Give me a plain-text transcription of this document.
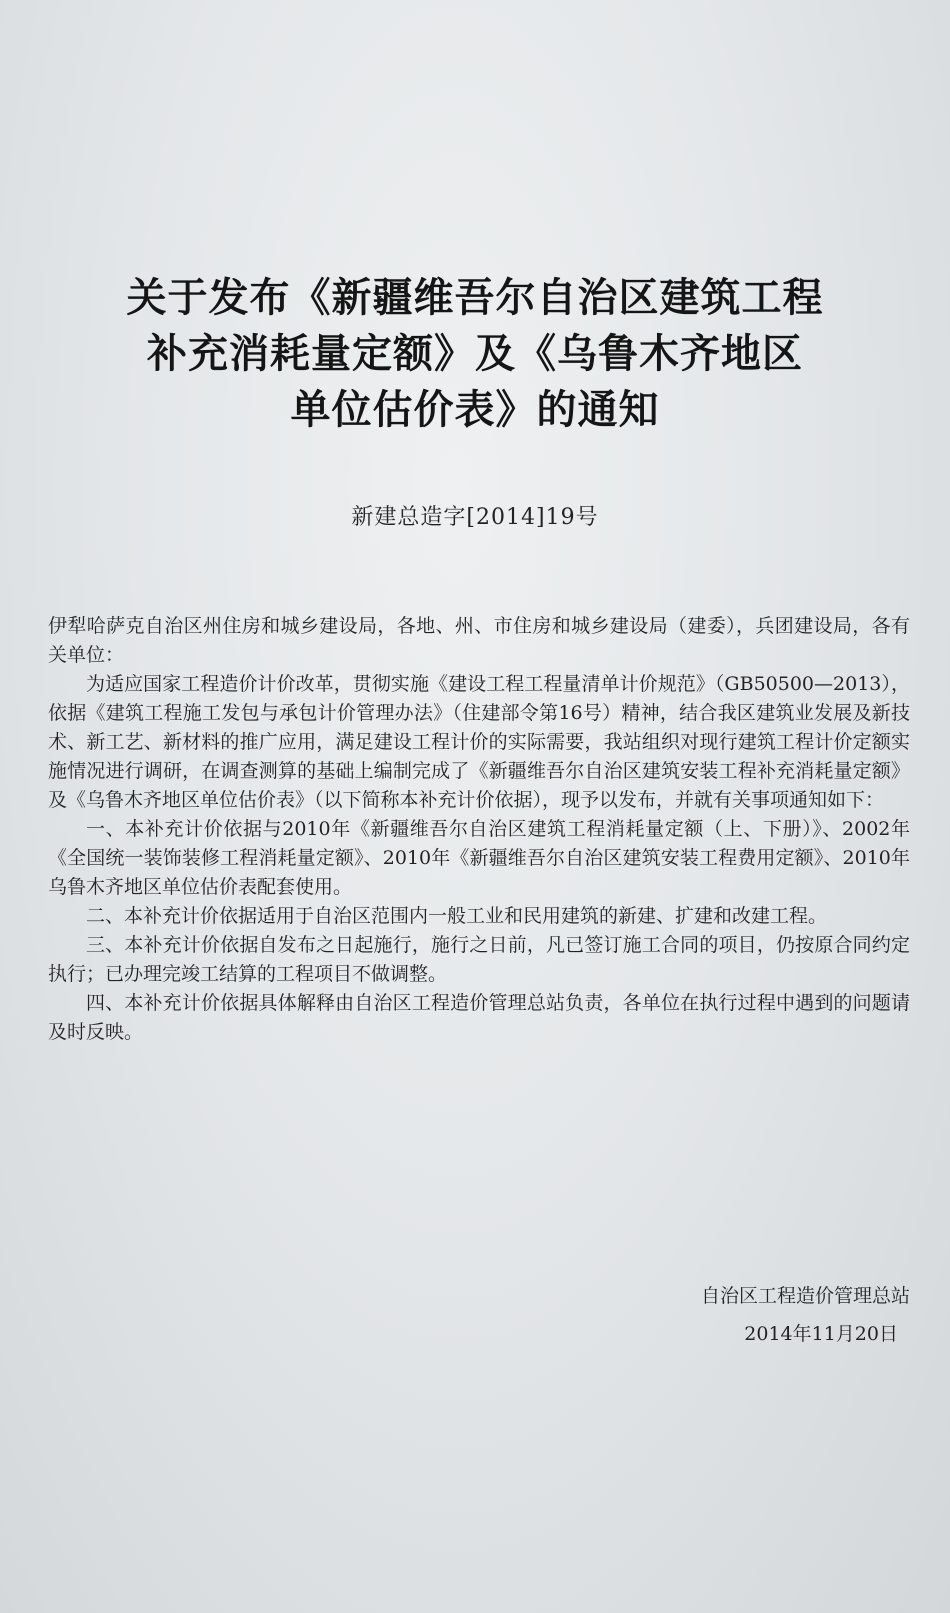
关于发布《新疆维吾尔自治区建筑工程
补充消耗量定额》及《乌鲁木齐地区
单位估价表》的通知
新建总造字[2014]19号

伊犁哈萨克自治区州住房和城乡建设局，各地、州、市住房和城乡建设局（建委），兵团建设局，各有关单位：

为适应国家工程造价计价改革，贯彻实施《建设工程工程量清单计价规范》（GB50500—2013），依据《建筑工程施工发包与承包计价管理办法》（住建部令第16号）精神，结合我区建筑业发展及新技术、新工艺、新材料的推广应用，满足建设工程计价的实际需要，我站组织对现行建筑工程计价定额实施情况进行调研，在调查测算的基础上编制完成了《新疆维吾尔自治区建筑安装工程补充消耗量定额》及《乌鲁木齐地区单位估价表》（以下简称本补充计价依据），现予以发布，并就有关事项通知如下：

一、本补充计价依据与2010年《新疆维吾尔自治区建筑工程消耗量定额（上、下册）》、2002年《全国统一装饰装修工程消耗量定额》、2010年《新疆维吾尔自治区建筑安装工程费用定额》、2010年乌鲁木齐地区单位估价表配套使用。

二、本补充计价依据适用于自治区范围内一般工业和民用建筑的新建、扩建和改建工程。

三、本补充计价依据自发布之日起施行，施行之日前，凡已签订施工合同的项目，仍按原合同约定执行；已办理完竣工结算的工程项目不做调整。

四、本补充计价依据具体解释由自治区工程造价管理总站负责，各单位在执行过程中遇到的问题请及时反映。

自治区工程造价管理总站
2014年11月20日
